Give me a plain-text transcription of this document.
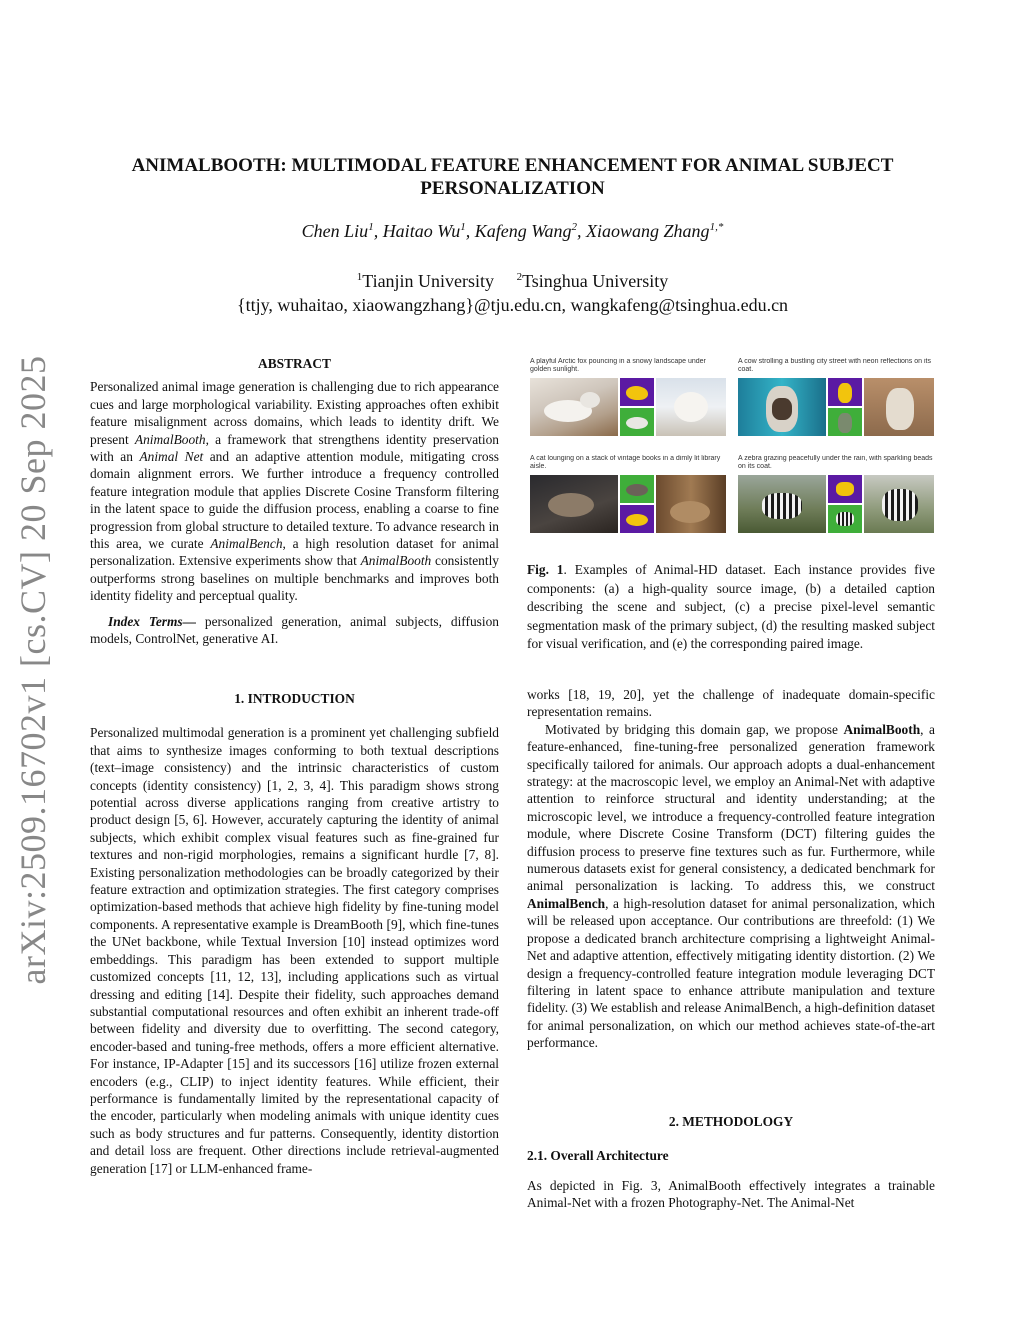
arXiv:2509.16702v1 [cs.CV] 20 Sep 2025
ANIMALBOOTH: MULTIMODAL FEATURE ENHANCEMENT FOR ANIMAL SUBJECT PERSONALIZATION
Chen Liu$^1$, Haitao Wu$^1$, Kafeng Wang$^2$, Xiaowang Zhang$^{1,*}$
$^1$Tianjin University $^2$Tsinghua University
{ttjy, wuhaitao, xiaowangzhang}@tju.edu.cn, wangkafeng@tsinghua.edu.cn
ABSTRACT

Personalized animal image generation is challenging due to rich appearance cues and large morphological variability. Existing approaches often exhibit feature misalignment across domains, which leads to identity drift. We present AnimalBooth, a framework that strengthens identity preservation with an Animal Net and an adaptive attention module, mitigating cross domain alignment errors. We further introduce a frequency controlled feature integration module that applies Discrete Cosine Transform filtering in the latent space to guide the diffusion process, enabling a coarse to fine progression from global structure to detailed texture. To advance research in this area, we curate AnimalBench, a high resolution dataset for animal personalization. Extensive experiments show that AnimalBooth consistently outperforms strong baselines on multiple benchmarks and improves both identity fidelity and perceptual quality.

Index Terms— personalized generation, animal subjects, diffusion models, ControlNet, generative AI.

1. INTRODUCTION

Personalized multimodal generation is a prominent yet challenging subfield that aims to synthesize images conforming to both textual descriptions (text–image consistency) and the intrinsic characteristics of custom concepts (identity consistency) [1, 2, 3, 4]. This paradigm shows strong potential across diverse applications ranging from creative artistry to product design [5, 6]. However, accurately capturing the identity of animal subjects, which exhibit complex visual features such as fine-grained fur textures and non-rigid morphologies, remains a significant hurdle [7, 8]. Existing personalization methodologies can be broadly categorized by their feature extraction and optimization strategies. The first category comprises optimization-based methods that achieve high fidelity by fine-tuning model components. A representative example is DreamBooth [9], which fine-tunes the UNet backbone, while Textual Inversion [10] instead optimizes word embeddings. This paradigm has been extended to support multiple customized concepts [11, 12, 13], including applications such as virtual dressing and editing [14]. Despite their fidelity, such approaches demand substantial computational resources and often exhibit an inherent trade-off between fidelity and diversity due to overfitting. The second category, encoder-based and tuning-free methods, offers a more efficient alternative. For instance, IP-Adapter [15] and its successors [16] utilize frozen external encoders (e.g., CLIP) to inject identity features. While efficient, their performance is fundamentally limited by the representational capacity of the encoder, particularly when modeling animals with unique identity cues such as body structures and fur patterns. Consequently, identity distortion and detail loss are frequent. Other directions include retrieval-augmented generation [17] or LLM-enhanced frame-

A playful Arctic fox pouncing in a snowy landscape under golden sunlight.
A cow strolling a bustling city street with neon reflections on its coat.
A cat lounging on a stack of vintage books in a dimly lit library aisle.
A zebra grazing peacefully under the rain, with sparkling beads on its coat.
Fig. 1. Examples of Animal-HD dataset. Each instance provides five components: (a) a high-quality source image, (b) a detailed caption describing the scene and subject, (c) a precise pixel-level semantic segmentation mask of the primary subject, (d) the resulting masked subject for visual verification, and (e) the corresponding paired image.

works [18, 19, 20], yet the challenge of inadequate domain-specific representation remains.

Motivated by bridging this domain gap, we propose AnimalBooth, a feature-enhanced, fine-tuning-free personalized generation framework specifically tailored for animals. Our approach adopts a dual-enhancement strategy: at the macroscopic level, we employ an Animal-Net with adaptive attention to reinforce structural and identity understanding; at the microscopic level, we introduce a frequency-controlled feature integration module, where Discrete Cosine Transform (DCT) filtering guides the diffusion process to preserve fine textures such as fur. Furthermore, while numerous datasets exist for general consistency, a dedicated benchmark for animal personalization is lacking. To address this, we construct AnimalBench, a high-resolution dataset for animal personalization, which will be released upon acceptance. Our contributions are threefold: (1) We propose a dedicated branch architecture comprising a lightweight Animal-Net and adaptive attention, effectively mitigating identity distortion. (2) We design a frequency-controlled feature integration module leveraging DCT filtering in latent space to enhance attribute manipulation and texture fidelity. (3) We establish and release AnimalBench, a high-definition dataset for animal personalization, on which our method achieves state-of-the-art performance.

2. METHODOLOGY
2.1. Overall Architecture

As depicted in Fig. 3, AnimalBooth effectively integrates a trainable Animal-Net with a frozen Photography-Net. The Animal-Net
